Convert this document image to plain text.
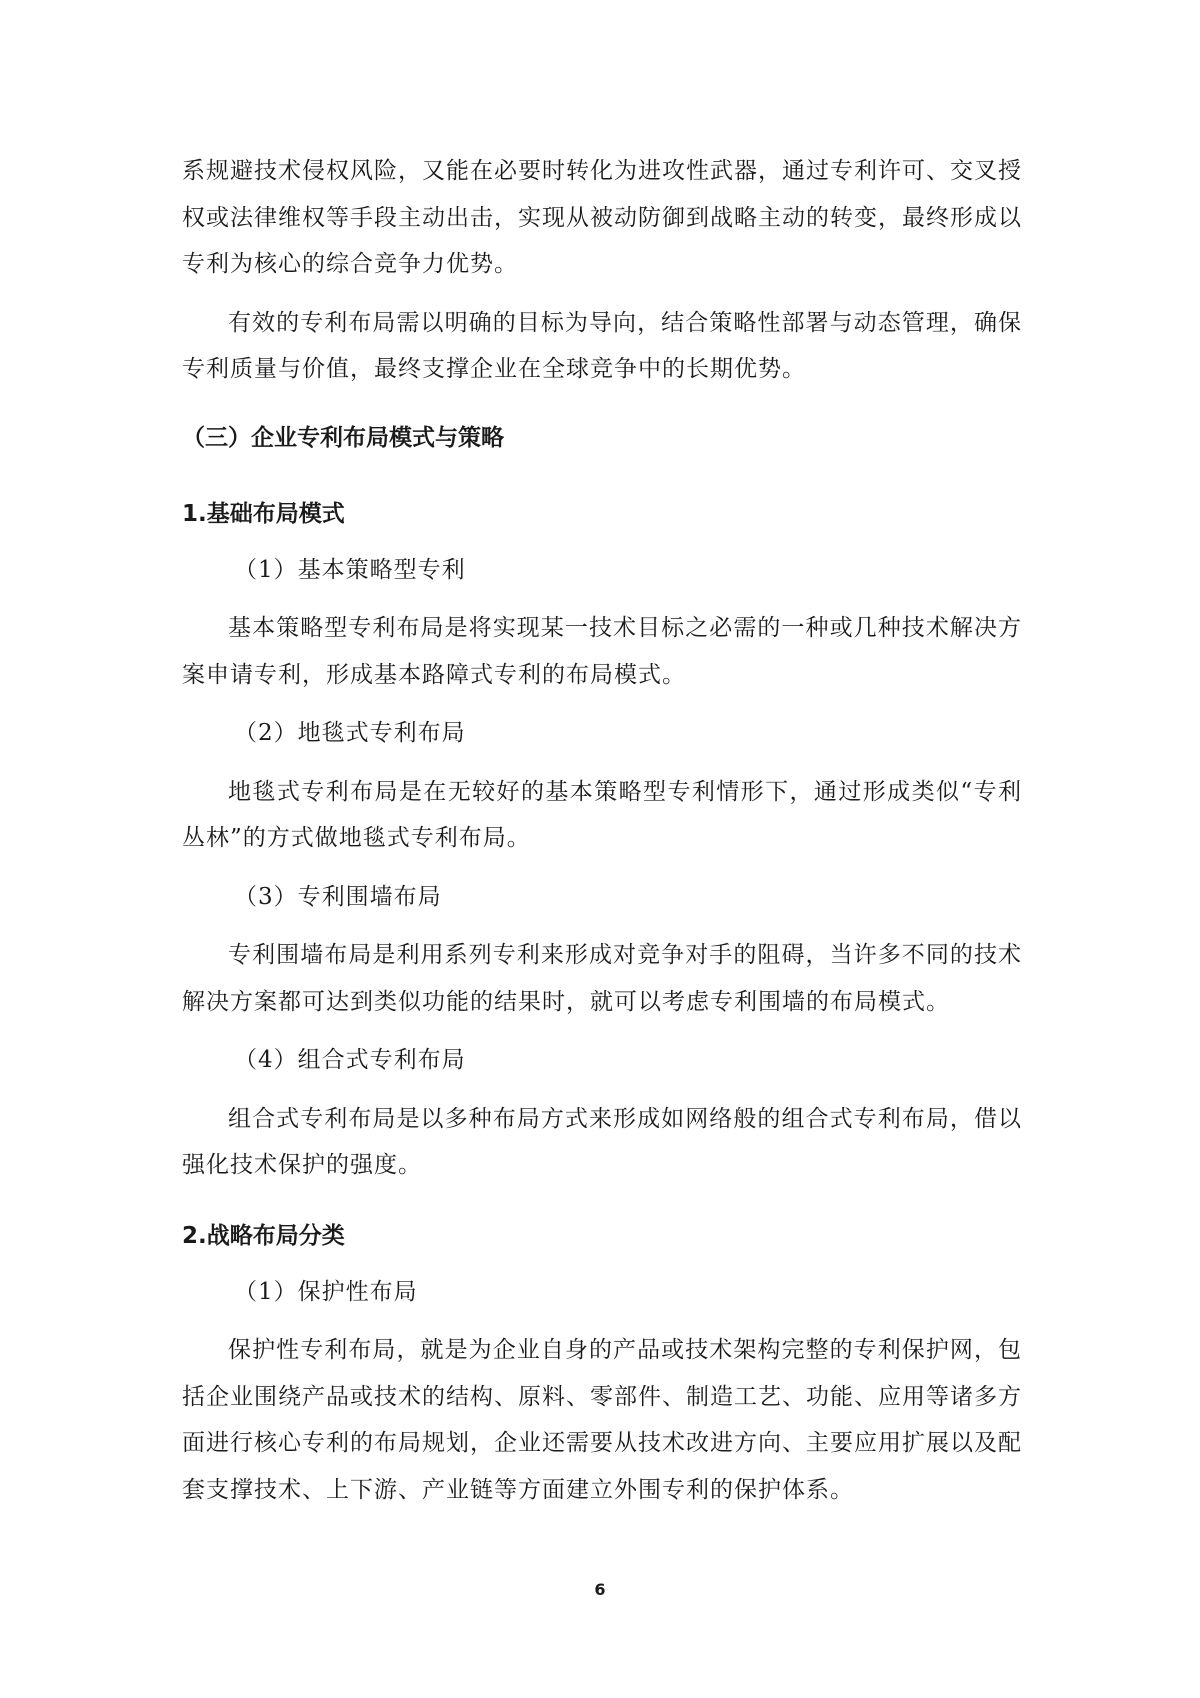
系规避技术侵权风险，又能在必要时转化为进攻性武器，通过专利许可、交叉授权或法律维权等手段主动出击，实现从被动防御到战略主动的转变，最终形成以专利为核心的综合竞争力优势。

有效的专利布局需以明确的目标为导向，结合策略性部署与动态管理，确保专利质量与价值，最终支撑企业在全球竞争中的长期优势。

（三）企业专利布局模式与策略
1.基础布局模式
（1）基本策略型专利

基本策略型专利布局是将实现某一技术目标之必需的一种或几种技术解决方案申请专利，形成基本路障式专利的布局模式。

（2）地毯式专利布局

地毯式专利布局是在无较好的基本策略型专利情形下，通过形成类似“专利丛林”的方式做地毯式专利布局。

（3）专利围墙布局

专利围墙布局是利用系列专利来形成对竞争对手的阻碍，当许多不同的技术解决方案都可达到类似功能的结果时，就可以考虑专利围墙的布局模式。

（4）组合式专利布局

组合式专利布局是以多种布局方式来形成如网络般的组合式专利布局，借以强化技术保护的强度。

2.战略布局分类
（1）保护性布局

保护性专利布局，就是为企业自身的产品或技术架构完整的专利保护网，包括企业围绕产品或技术的结构、原料、零部件、制造工艺、功能、应用等诸多方面进行核心专利的布局规划，企业还需要从技术改进方向、主要应用扩展以及配套支撑技术、上下游、产业链等方面建立外围专利的保护体系。

6
